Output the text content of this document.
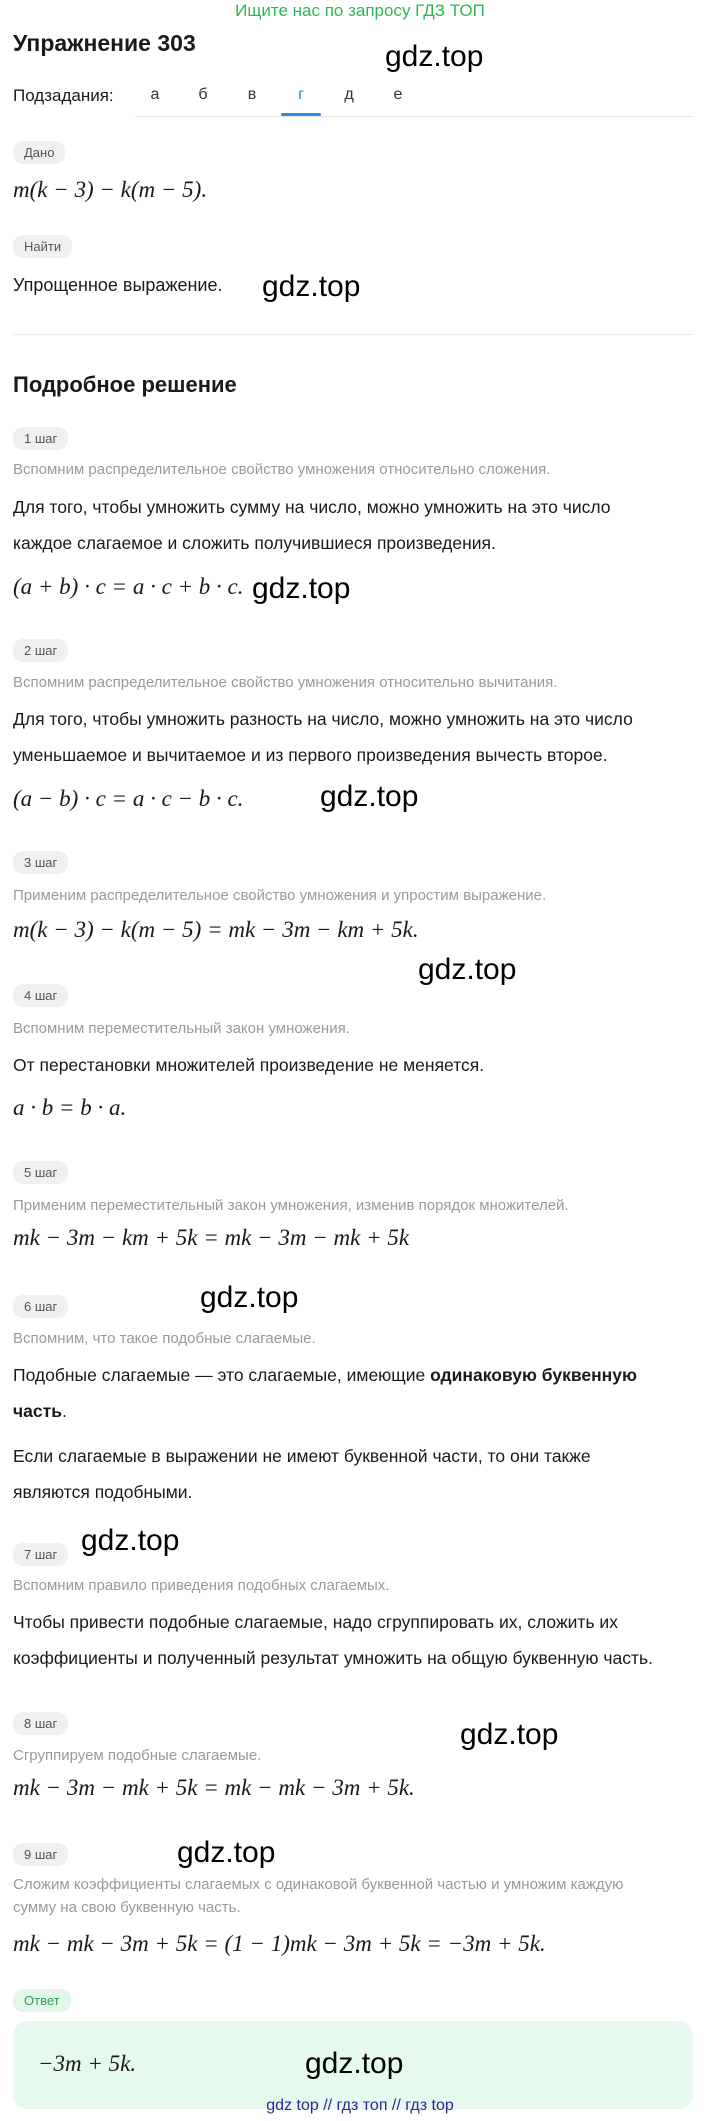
Ищите нас по запросу ГДЗ ТОП
Упражнение 303	gdz.top
Подзадания:	а	б	в	г	д	е
Дано
m(k − 3) − k(m − 5).
Найти
Упрощенное выражение. gdz.top
Подробное решение
1 шаг
Вспомним распределительное свойство умножения относительно сложения.
Для того, чтобы умножить сумму на число, можно умножить на это число
каждое слагаемое и сложить получившиеся произведения.
(a + b) · c = a · c + b · c. gdz.top
2 шаг
Вспомним распределительное свойство умножения относительно вычитания.
Для того, чтобы умножить разность на число, можно умножить на это число
уменьшаемое и вычитаемое и из первого произведения вычесть второе.
(a − b) · c = a · c − b · c.	gdz.top
3 шаг
Применим распределительное свойство умножения и упростим выражение.
m(k − 3) − k(m − 5) = mk − 3m − km + 5k.
gdz.top
4 шаг
Вспомним переместительный закон умножения.
От перестановки множителей произведение не меняется.
a · b = b · a.
5 шаг
Применим переместительный закон умножения, изменив порядок множителей.
mk − 3m − km + 5k = mk − 3m − mk + 5k
6 шаг	gdz.top
Вспомним, что такое подобные слагаемые.
Подобные слагаемые — это слагаемые, имеющие одинаковую буквенную
часть.
Если слагаемые в выражении не имеют буквенной части, то они также
являются подобными.
7 шаг gdz.top
Вспомним правило приведения подобных слагаемых.
Чтобы привести подобные слагаемые, надо сгруппировать их, сложить их
коэффициенты и полученный результат умножить на общую буквенную часть.
8 шаг	gdz.top
Сгруппируем подобные слагаемые.
mk − 3m − mk + 5k = mk − mk − 3m + 5k.
9 шаг	gdz.top
Сложим коэффициенты слагаемых с одинаковой буквенной частью и умножим каждую
сумму на свою буквенную часть.
mk − mk − 3m + 5k = (1 − 1)mk − 3m + 5k = −3m + 5k.
Ответ
−3m + 5k.	gdz.top
gdz top // гдз топ // гдз top
